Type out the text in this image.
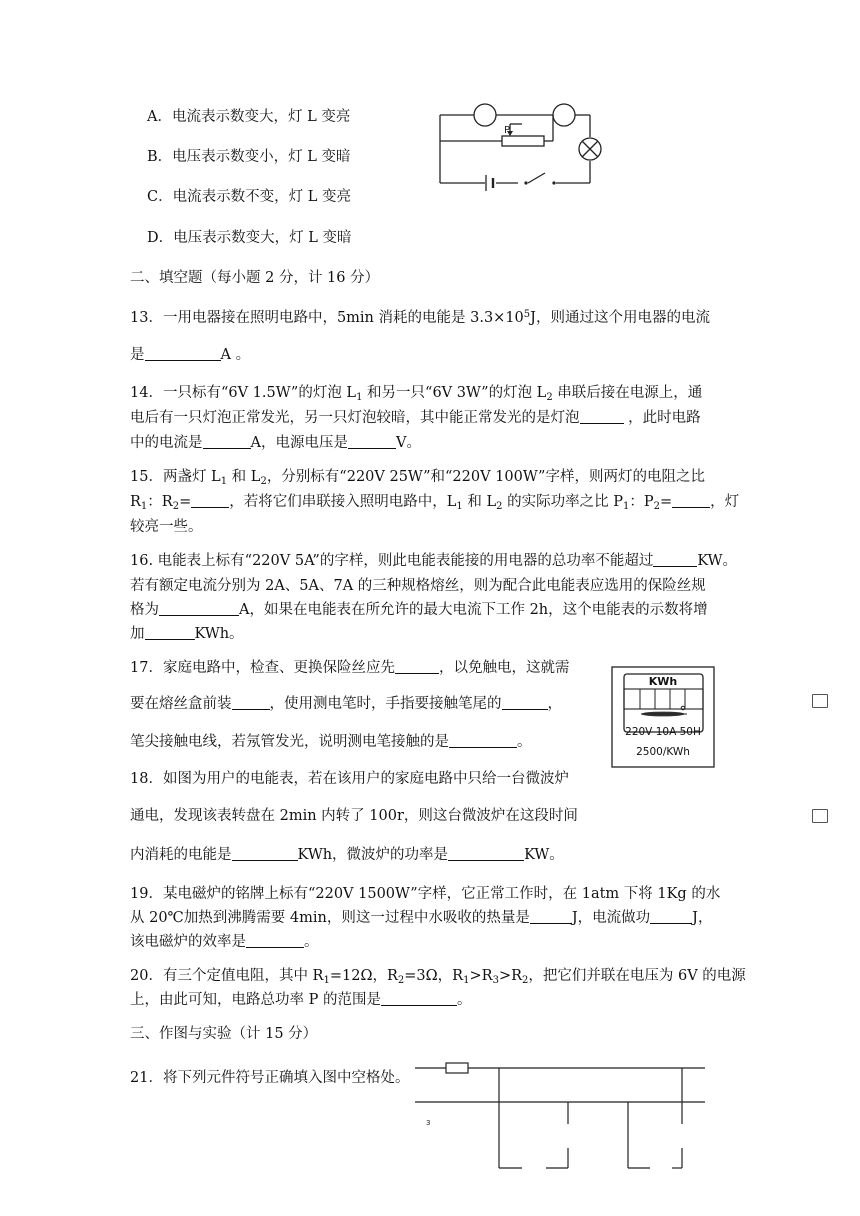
A．电流表示数变大，灯 L 变亮
B．电压表示数变小，灯 L 变暗
C．电流表示数不变，灯 L 变亮
D．电压表示数变大，灯 L 变暗
P
二、填空题（每小题 2 分，计 16 分）
13．一用电器接在照明电路中，5min 消耗的电能是 $3.3\times 10^5J$，则通过这个用电器的电流
是	A 。
14．一只标有“6V 1.5W”的灯泡 $L_1$ 和另一只“6V 3W”的灯泡 $L_2$ 串联后接在电源上，通
电后有一只灯泡正常发光，另一只灯泡较暗，其中能正常发光的是灯泡	，此时电路
中的电流是	A，电源电压是	V。
15．两盏灯 $L_1$ 和 $L_2$，分别标有“220V 25W”和“220V 100W”字样，则两灯的电阻之比
$R_1$：$R_2=$	，若将它们串联接入照明电路中，$L_1$ 和 $L_2$ 的实际功率之比 $P_1$：$P_2=$	，灯
较亮一些。
16. 电能表上标有“220V 5A”的字样，则此电能表能接的用电器的总功率不能超过	KW。
若有额定电流分别为 2A、5A、7A 的三种规格熔丝，则为配合此电能表应选用的保险丝规
格为	A，如果在电能表在所允许的最大电流下工作 2h，这个电能表的示数将增
加	KWh。
17．家庭电路中，检查、更换保险丝应先	，以免触电，这就需
要在熔丝盒前装	，使用测电笔时，手指要接触笔尾的	，
笔尖接触电线，若氖管发光，说明测电笔接触的是	。
KWh
220V 10A 50H
2500/KWh
18．如图为用户的电能表，若在该用户的家庭电路中只给一台微波炉
通电，发现该表转盘在 2min 内转了 100r，则这台微波炉在这段时间
内消耗的电能是	KWh，微波炉的功率是	KW。
19．某电磁炉的铭牌上标有“220V 1500W”字样，它正常工作时，在 1atm 下将 1Kg 的水
从 20℃加热到沸腾需要 4min，则这一过程中水吸收的热量是	J，电流做功	J，
该电磁炉的效率是	。
20．有三个定值电阻，其中 $R_1=12\Omega$，$R_2=3\Omega$，$R_1>R_3>R_2$，把它们并联在电压为 6V 的电源
上，由此可知，电路总功率 P 的范围是	。
三、作图与实验（计 15 分）
21．将下列元件符号正确填入图中空格处。
3
